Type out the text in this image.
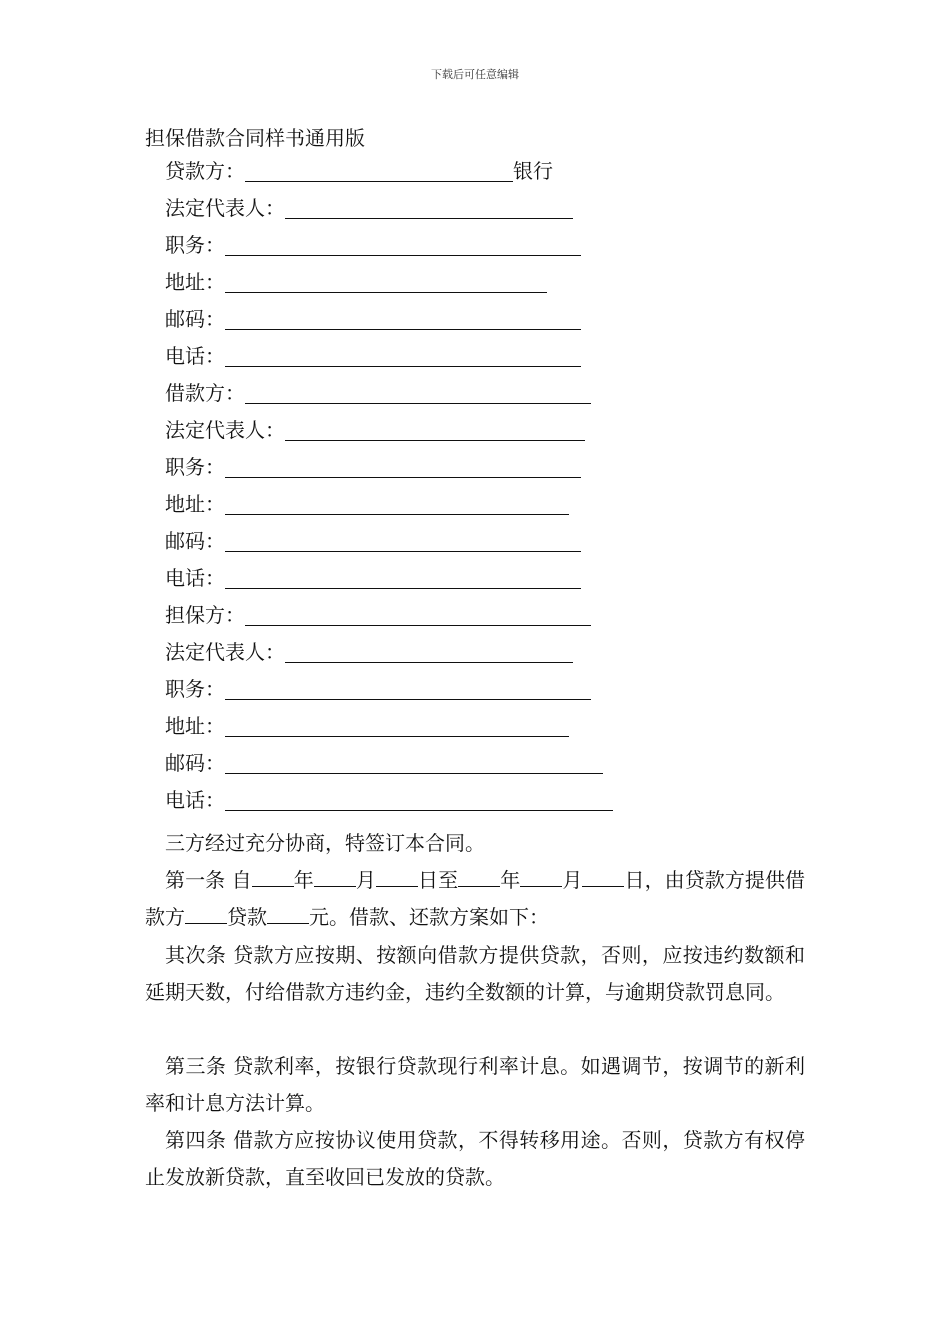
下载后可任意编辑
担保借款合同样书通用版
贷款方：	银行
法定代表人：
职务：
地址：
邮码：
电话：
借款方：
法定代表人：
职务：
地址：
邮码：
电话：
担保方：
法定代表人：
职务：
地址：
邮码：
电话：
三方经过充分协商，特签订本合同。
第一条 自 年 月 日至 年 月 日，由贷款方提供借款方 贷款 元。借款、还款方案如下：
其次条 贷款方应按期、按额向借款方提供贷款，否则，应按违约数额和延期天数，付给借款方违约金，违约全数额的计算，与逾期贷款罚息同。
第三条 贷款利率，按银行贷款现行利率计息。如遇调节，按调节的新利率和计息方法计算。
第四条 借款方应按协议使用贷款，不得转移用途。否则，贷款方有权停止发放新贷款，直至收回已发放的贷款。
